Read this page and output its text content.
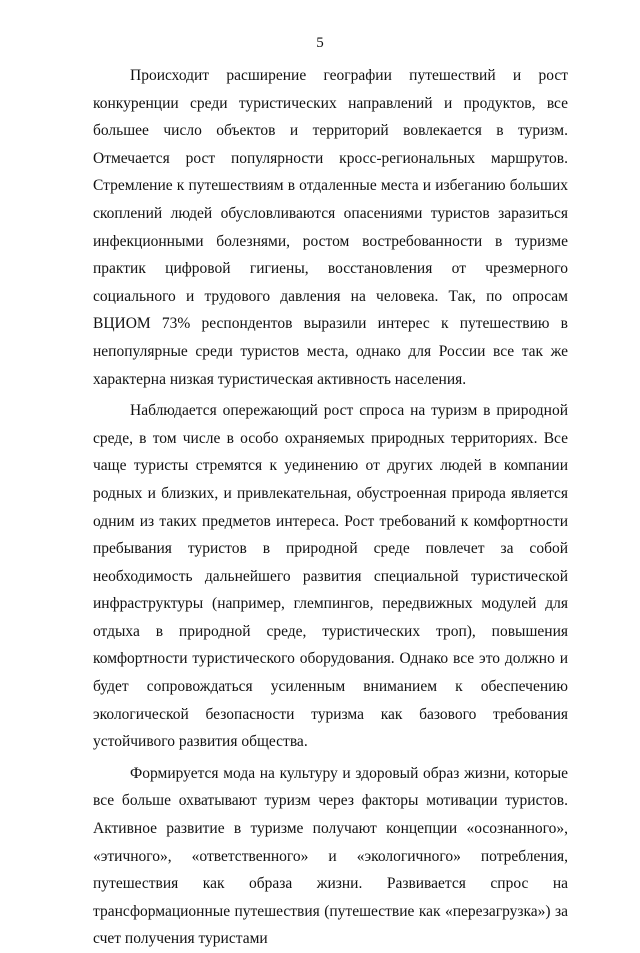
5

Происходит расширение географии путешествий и рост конкуренции среди туристических направлений и продуктов, все большее число объектов и территорий вовлекается в туризм. Отмечается рост популярности кросс-региональных маршрутов. Стремление к путешествиям в отдаленные места и избеганию больших скоплений людей обусловливаются опасениями туристов заразиться инфекционными болезнями, ростом востребованности в туризме практик цифровой гигиены, восстановления от чрезмерного социального и трудового давления на человека. Так, по опросам ВЦИОМ 73% респондентов выразили интерес к путешествию в непопулярные среди туристов места, однако для России все так же характерна низкая туристическая активность населения.

Наблюдается опережающий рост спроса на туризм в природной среде, в том числе в особо охраняемых природных территориях. Все чаще туристы стремятся к уединению от других людей в компании родных и близких, и привлекательная, обустроенная природа является одним из таких предметов интереса. Рост требований к комфортности пребывания туристов в природной среде повлечет за собой необходимость дальнейшего развития специальной туристической инфраструктуры (например, глемпингов, передвижных модулей для отдыха в природной среде, туристических троп), повышения комфортности туристического оборудования. Однако все это должно и будет сопровождаться усиленным вниманием к обеспечению экологической безопасности туризма как базового требования устойчивого развития общества.

Формируется мода на культуру и здоровый образ жизни, которые все больше охватывают туризм через факторы мотивации туристов. Активное развитие в туризме получают концепции «осознанного», «этичного», «ответственного» и «экологичного» потребления, путешествия как образа жизни. Развивается спрос на трансформационные путешествия (путешествие как «перезагрузка») за счет получения туристами
